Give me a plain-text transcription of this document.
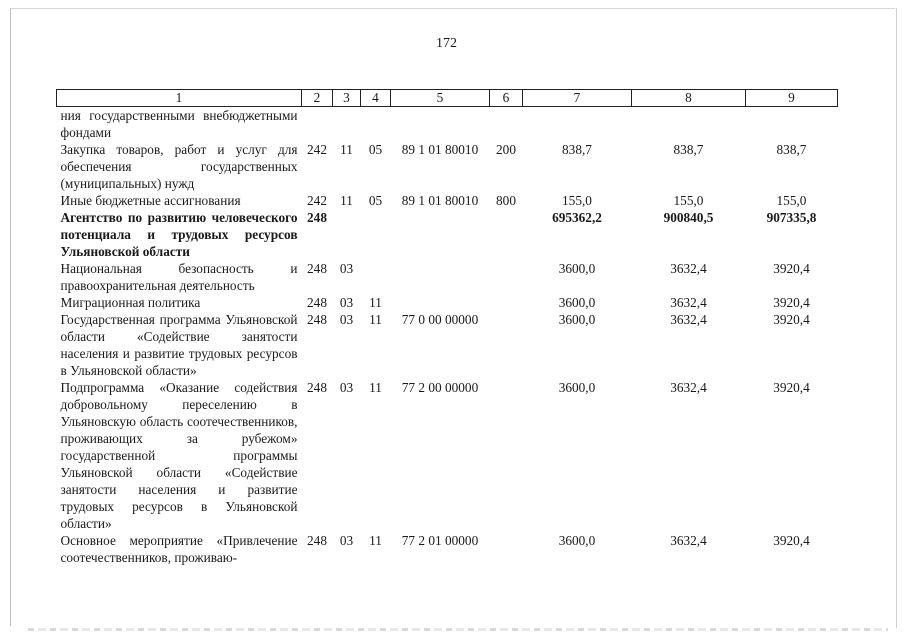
172
1	2	3	4	5	6	7	8	9
ния государственными внебюджетными фондами								
Закупка товаров, работ и услуг для обеспечения государственных (муниципальных) нужд	242	11	05	89 1 01 80010	200	838,7	838,7	838,7
Иные бюджетные ассигнования	242	11	05	89 1 01 80010	800	155,0	155,0	155,0
Агентство по развитию человеческого потенциала и трудовых ресурсов Ульяновской области	248					695362,2	900840,5	907335,8
Национальная безопасность и правоохранительная деятельность	248	03				3600,0	3632,4	3920,4
Миграционная политика	248	03	11			3600,0	3632,4	3920,4
Государственная программа Ульяновской области «Содействие занятости населения и развитие трудовых ресурсов в Ульяновской области»	248	03	11	77 0 00 00000		3600,0	3632,4	3920,4
Подпрограмма «Оказание содействия добровольному переселению в Ульяновскую область соотечественников, проживающих за рубежом» государственной программы Ульяновской области «Содействие занятости населения и развитие трудовых ресурсов в Ульяновской области»	248	03	11	77 2 00 00000		3600,0	3632,4	3920,4
Основное мероприятие «Привлечение соотечественников, проживаю-	248	03	11	77 2 01 00000		3600,0	3632,4	3920,4
